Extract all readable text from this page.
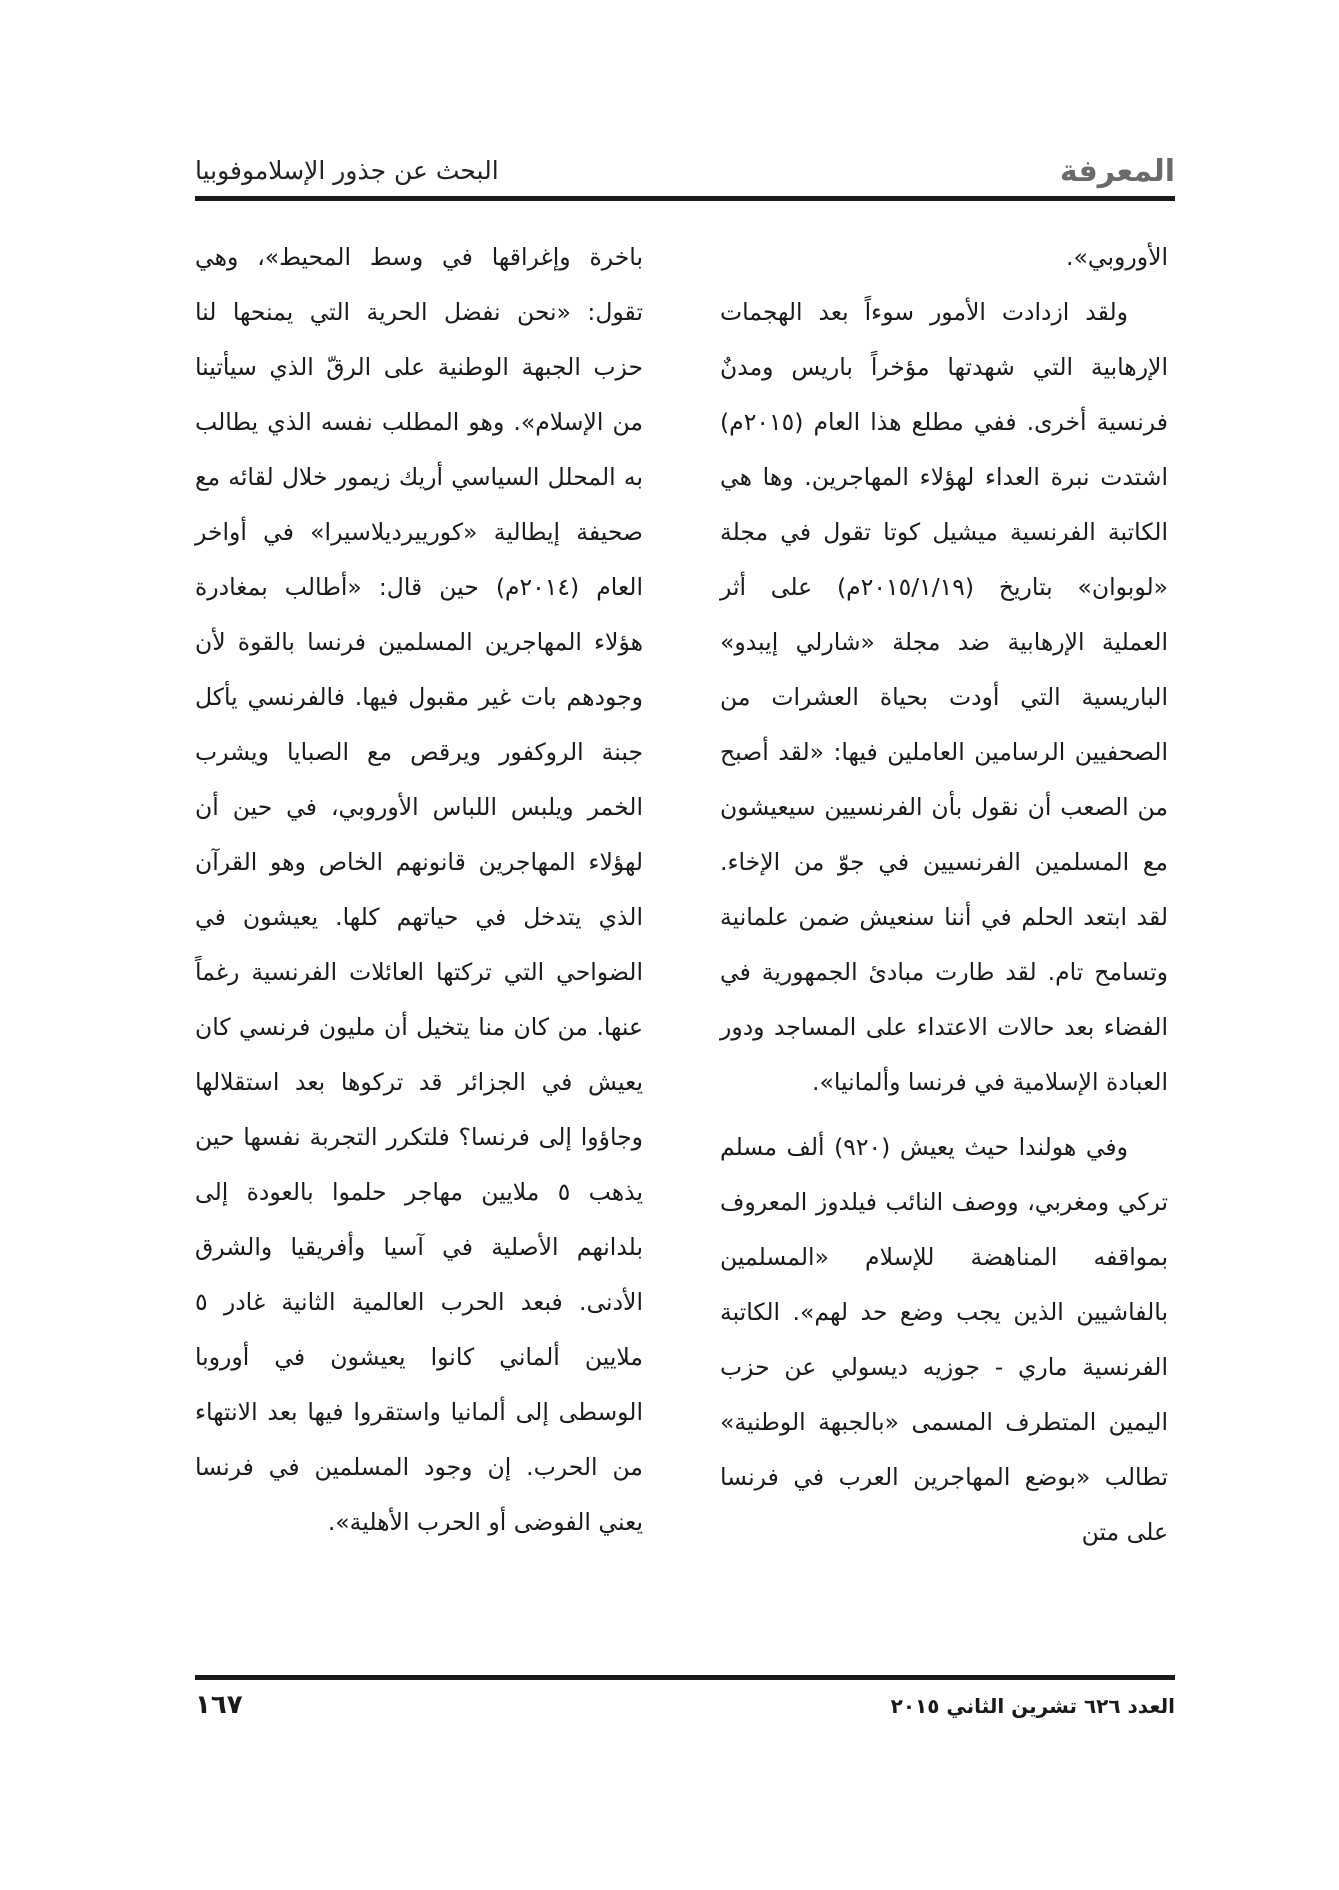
المعرفة
البحث عن جذور الإسلاموفوبيا

الأوروبي».

ولقد ازدادت الأمور سوءاً بعد الهجمات الإرهابية التي شهدتها مؤخراً باريس ومدنٌ فرنسية أخرى. ففي مطلع هذا العام (٢٠١٥م) اشتدت نبرة العداء لهؤلاء المهاجرين. وها هي الكاتبة الفرنسية ميشيل كوتا تقول في مجلة «لوبوان» بتاريخ (٢٠١٥/١/١٩م) على أثر العملية الإرهابية ضد مجلة «شارلي إيبدو» الباريسية التي أودت بحياة العشرات من الصحفيين الرسامين العاملين فيها: «لقد أصبح من الصعب أن نقول بأن الفرنسيين سيعيشون مع المسلمين الفرنسيين في جوّ من الإخاء. لقد ابتعد الحلم في أننا سنعيش ضمن علمانية وتسامح تام. لقد طارت مبادئ الجمهورية في الفضاء بعد حالات الاعتداء على المساجد ودور العبادة الإسلامية في فرنسا وألمانيا».

وفي هولندا حيث يعيش (٩٢٠) ألف مسلم تركي ومغربي، ووصف النائب فيلدوز المعروف بمواقفه المناهضة للإسلام «المسلمين بالفاشيين الذين يجب وضع حد لهم». الكاتبة الفرنسية ماري - جوزيه ديسولي عن حزب اليمين المتطرف المسمى «بالجبهة الوطنية» تطالب «بوضع المهاجرين العرب في فرنسا على متن

باخرة وإغراقها في وسط المحيط»، وهي تقول: «نحن نفضل الحرية التي يمنحها لنا حزب الجبهة الوطنية على الرقّ الذي سيأتينا من الإسلام». وهو المطلب نفسه الذي يطالب به المحلل السياسي أريك زيمور خلال لقائه مع صحيفة إيطالية «كورييرديلاسيرا» في أواخر العام (٢٠١٤م) حين قال: «أطالب بمغادرة هؤلاء المهاجرين المسلمين فرنسا بالقوة لأن وجودهم بات غير مقبول فيها. فالفرنسي يأكل جبنة الروكفور ويرقص مع الصبايا ويشرب الخمر ويلبس اللباس الأوروبي، في حين أن لهؤلاء المهاجرين قانونهم الخاص وهو القرآن الذي يتدخل في حياتهم كلها. يعيشون في الضواحي التي تركتها العائلات الفرنسية رغماً عنها. من كان منا يتخيل أن مليون فرنسي كان يعيش في الجزائر قد تركوها بعد استقلالها وجاؤوا إلى فرنسا؟ فلتكرر التجربة نفسها حين يذهب ٥ ملايين مهاجر حلموا بالعودة إلى بلدانهم الأصلية في آسيا وأفريقيا والشرق الأدنى. فبعد الحرب العالمية الثانية غادر ٥ ملايين ألماني كانوا يعيشون في أوروبا الوسطى إلى ألمانيا واستقروا فيها بعد الانتهاء من الحرب. إن وجود المسلمين في فرنسا يعني الفوضى أو الحرب الأهلية».

١٦٧	العدد ٦٢٦ تشرين الثاني ٢٠١٥
